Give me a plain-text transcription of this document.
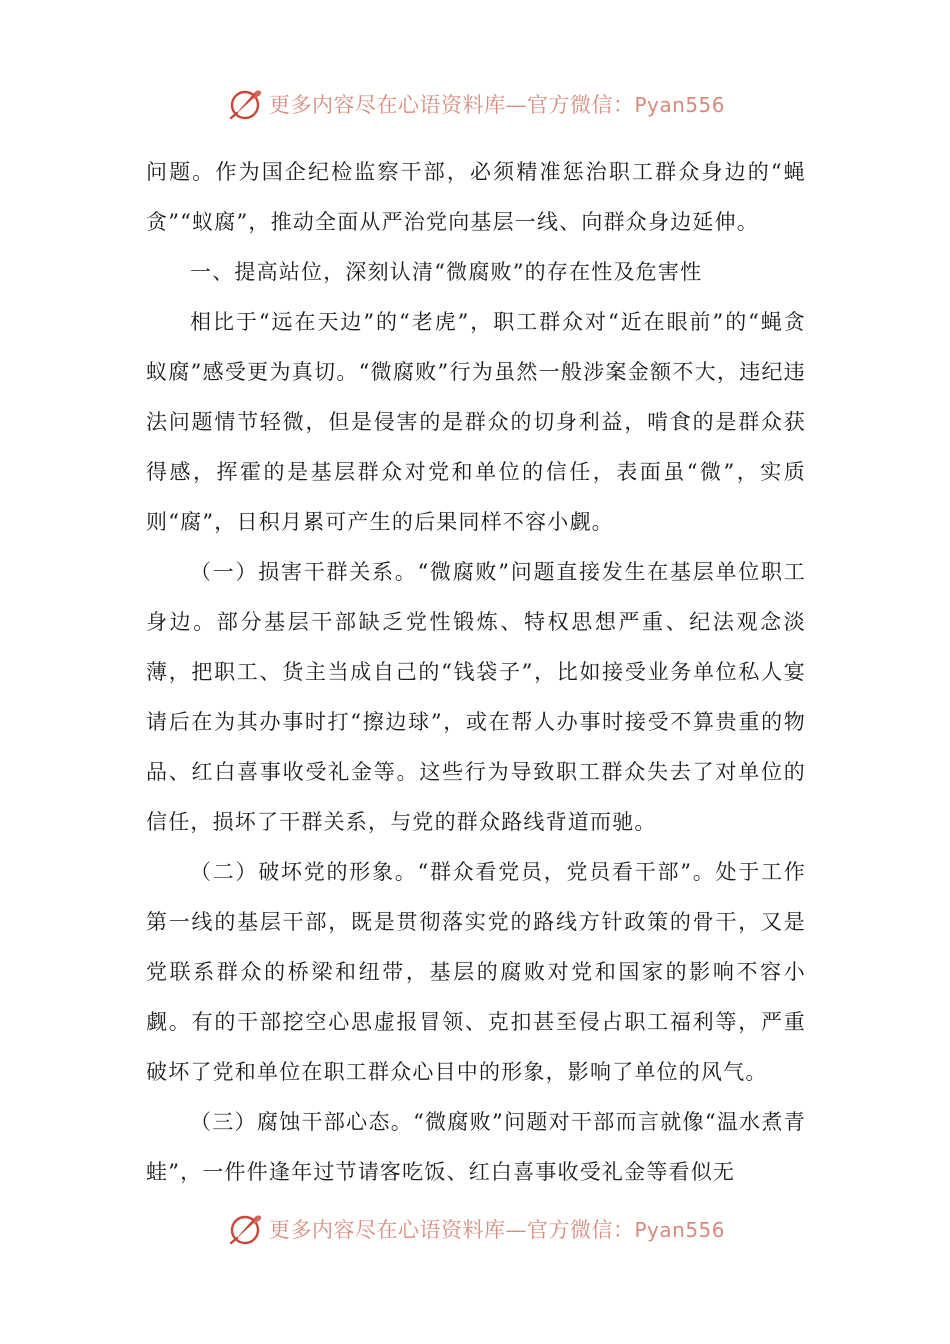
更多内容尽在心语资料库—官方微信：Pyan556

问题。作为国企纪检监察干部，必须精准惩治职工群众身边的“蝇贪”“蚁腐”，推动全面从严治党向基层一线、向群众身边延伸。

一、提高站位，深刻认清“微腐败”的存在性及危害性

相比于“远在天边”的“老虎”，职工群众对“近在眼前”的“蝇贪蚁腐”感受更为真切。“微腐败”行为虽然一般涉案金额不大，违纪违法问题情节轻微，但是侵害的是群众的切身利益，啃食的是群众获得感，挥霍的是基层群众对党和单位的信任，表面虽“微”，实质则“腐”，日积月累可产生的后果同样不容小觑。

（一）损害干群关系。“微腐败”问题直接发生在基层单位职工身边。部分基层干部缺乏党性锻炼、特权思想严重、纪法观念淡薄，把职工、货主当成自己的“钱袋子”，比如接受业务单位私人宴请后在为其办事时打“擦边球”，或在帮人办事时接受不算贵重的物品、红白喜事收受礼金等。这些行为导致职工群众失去了对单位的信任，损坏了干群关系，与党的群众路线背道而驰。

（二）破坏党的形象。“群众看党员，党员看干部”。处于工作第一线的基层干部，既是贯彻落实党的路线方针政策的骨干，又是党联系群众的桥梁和纽带，基层的腐败对党和国家的影响不容小觑。有的干部挖空心思虚报冒领、克扣甚至侵占职工福利等，严重破坏了党和单位在职工群众心目中的形象，影响了单位的风气。

（三）腐蚀干部心态。“微腐败”问题对干部而言就像“温水煮青蛙”，一件件逢年过节请客吃饭、红白喜事收受礼金等看似无

更多内容尽在心语资料库—官方微信：Pyan556
